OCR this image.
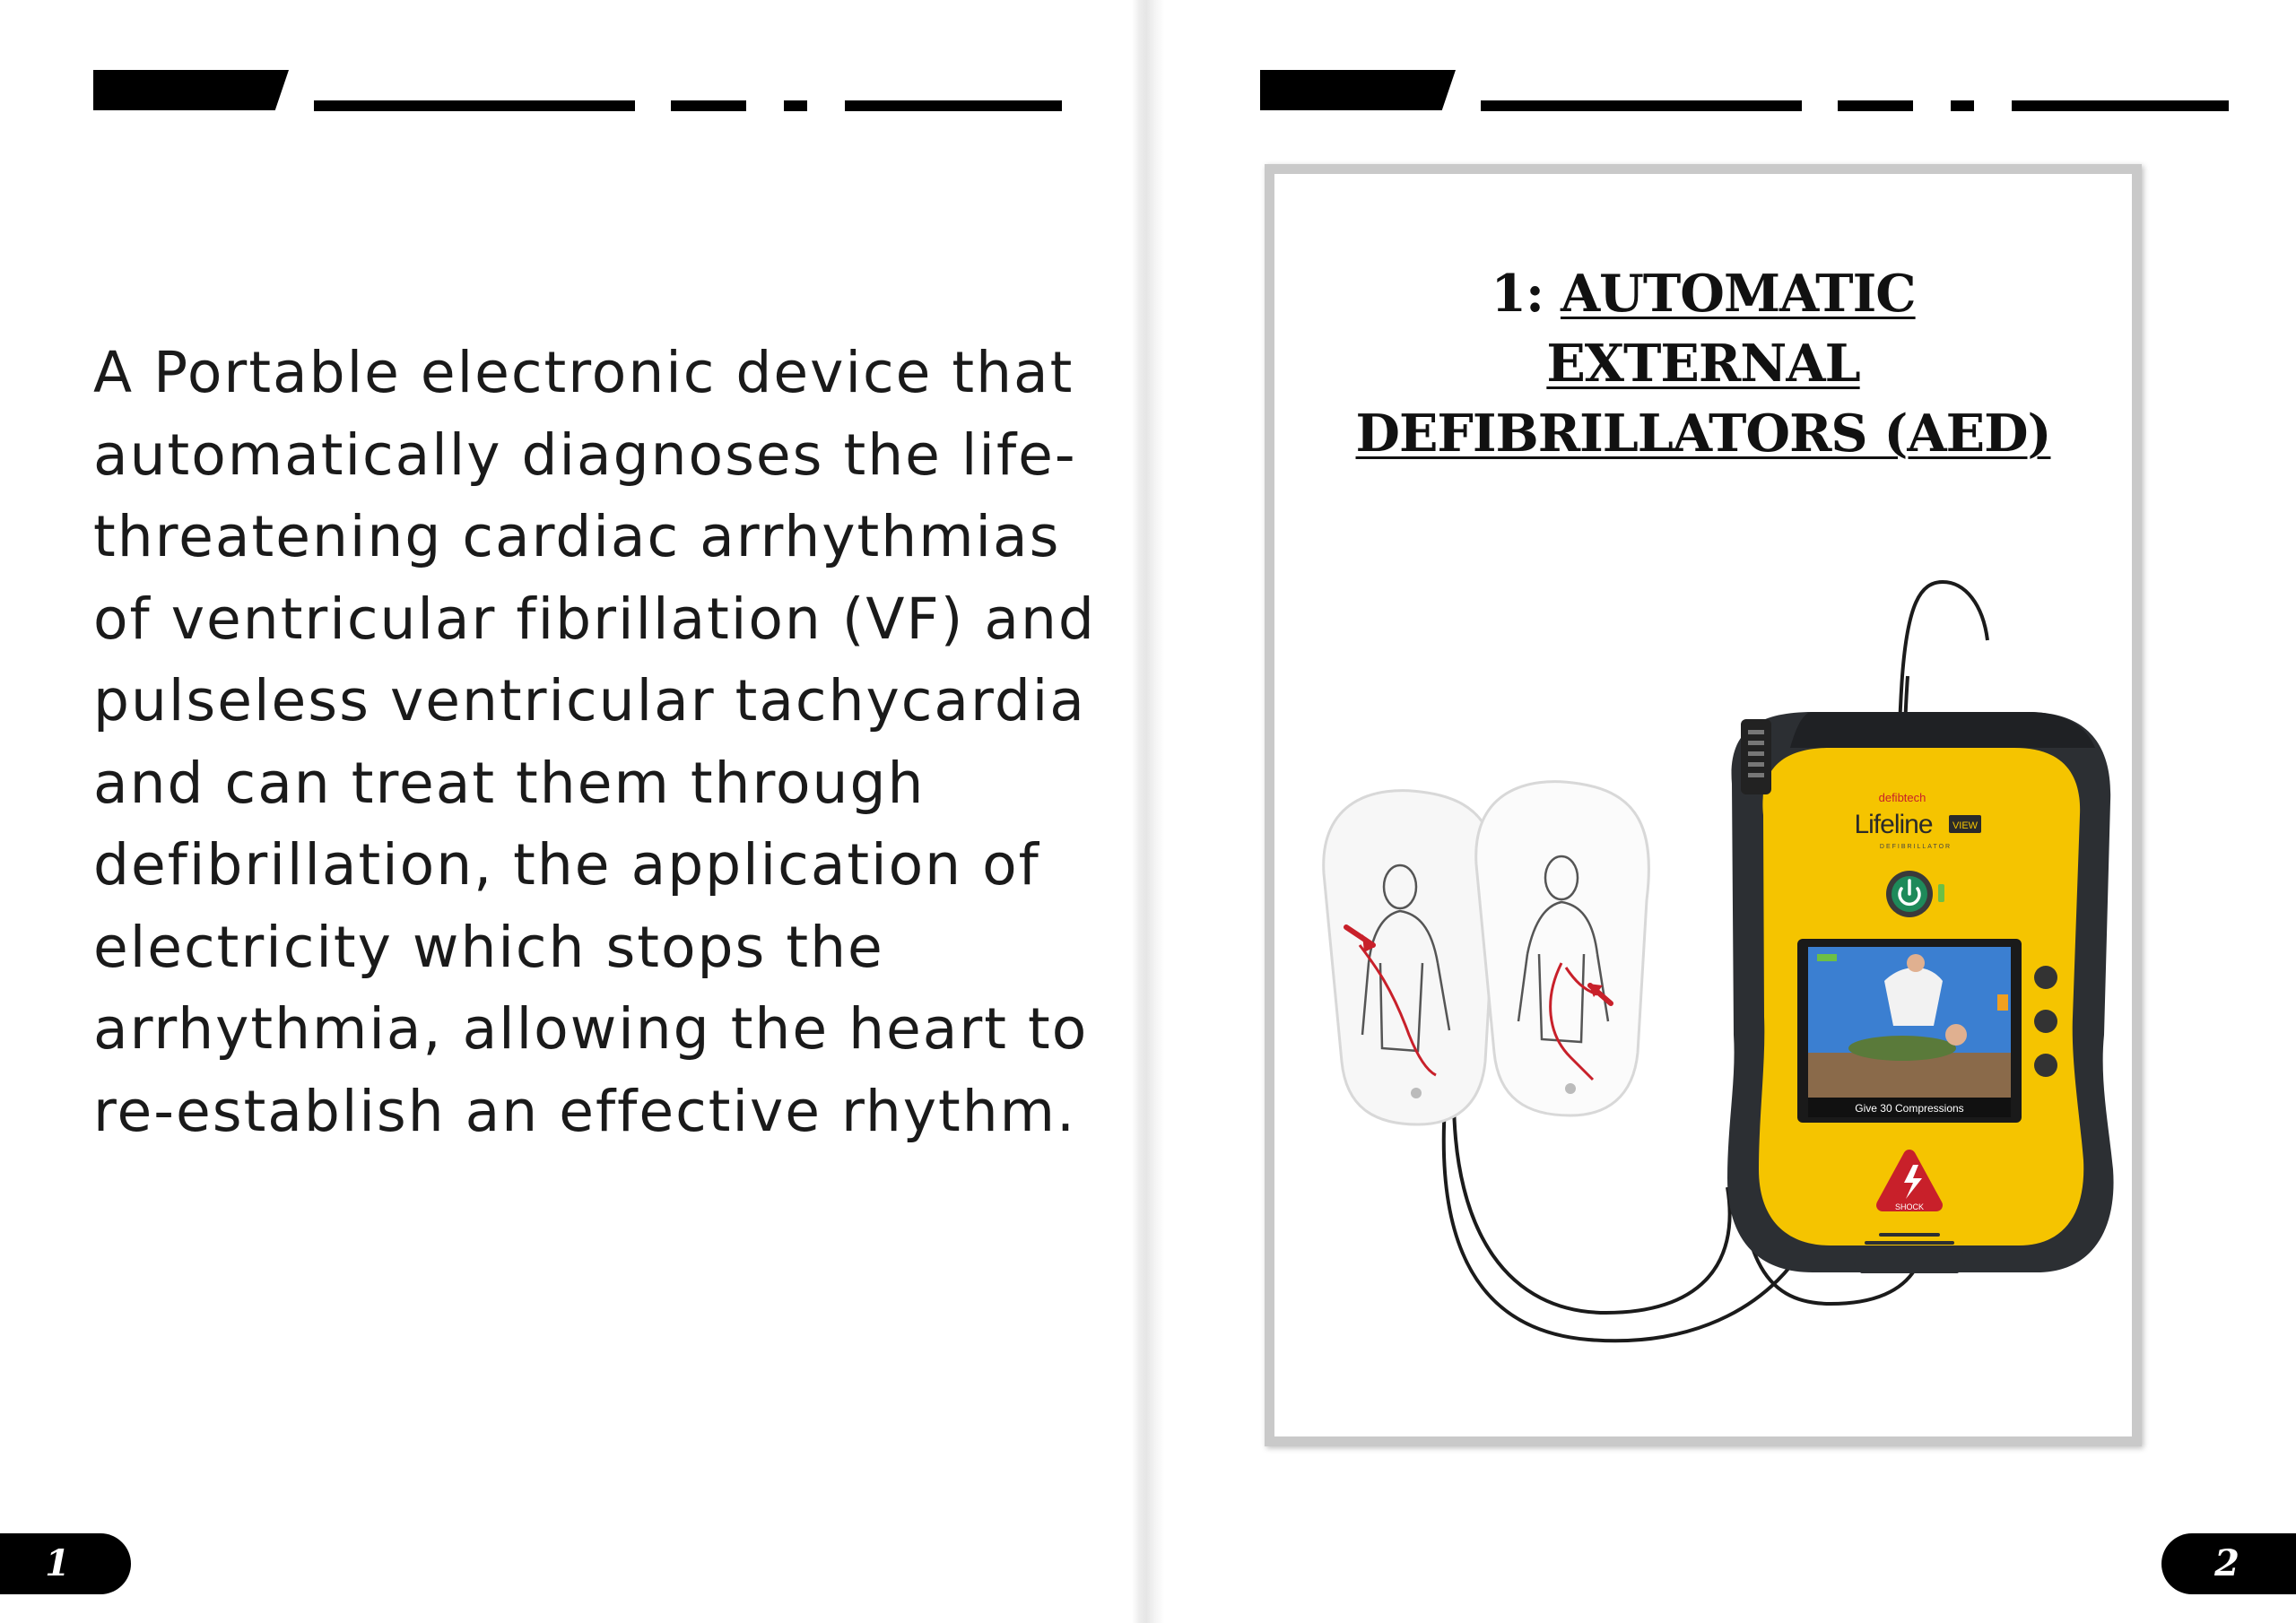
A Portable electronic device that automatically diagnoses the life-threatening cardiac arrhythmias of ventricular fibrillation (VF) and pulseless ventricular tachycardia and can treat them through defibrillation, the application of electricity which stops the arrhythmia, allowing the heart to re-establish an effective rhythm.

1	2
1: AUTOMATIC
EXTERNAL
DEFIBRILLATORS (AED)
defibtech
Lifeline VIEW
DEFIBRILLATOR
Give 30 Compressions
SHOCK
